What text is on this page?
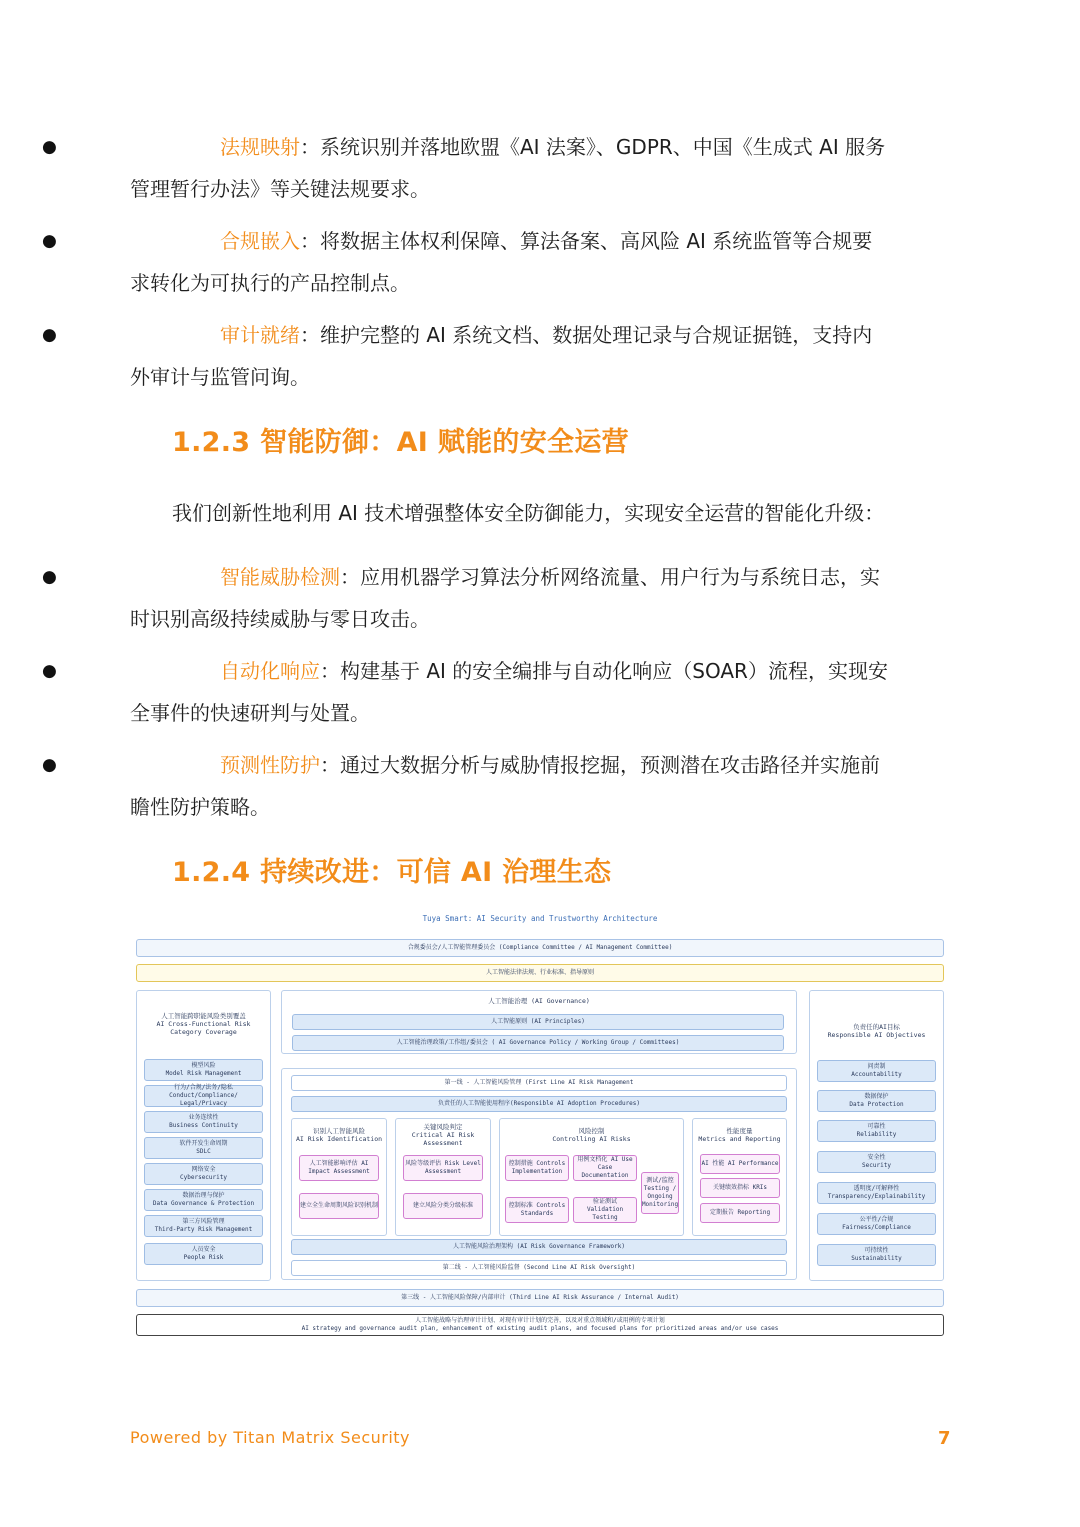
●	法规映射：系统识别并落地欧盟《AI 法案》、GDPR、中国《生成式 AI 服务
管理暂行办法》等关键法规要求。
●	合规嵌入：将数据主体权利保障、算法备案、高风险 AI 系统监管等合规要
求转化为可执行的产品控制点。
●	审计就绪：维护完整的 AI 系统文档、数据处理记录与合规证据链，支持内
外审计与监管问询。
1.2.3 智能防御：AI 赋能的安全运营
我们创新性地利用 AI 技术增强整体安全防御能力，实现安全运营的智能化升级：
●	智能威胁检测：应用机器学习算法分析网络流量、用户行为与系统日志，实
时识别高级持续威胁与零日攻击。
●	自动化响应：构建基于 AI 的安全编排与自动化响应（SOAR）流程，实现安
全事件的快速研判与处置。
●	预测性防护：通过大数据分析与威胁情报挖掘，预测潜在攻击路径并实施前
瞻性防护策略。
1.2.4 持续改进：可信 AI 治理生态
Tuya Smart: AI Security and Trustworthy Architecture
合规委员会/人工智能管理委员会 (Compliance Committee / AI Management Committee)
人工智能法律法规、行业标准、指导原则
人工智能跨职能风险类别覆盖
AI Cross-Functional Risk
Category Coverage
模型风险
Model Risk Management
行为/合规/法务/隐私
Conduct/Compliance/ Legal/Privacy
业务连续性
Business Continuity
软件开发生命周期
SDLC
网络安全
Cybersecurity
数据治理与保护
Data Governance & Protection
第三方风险管理
Third-Party Risk Management
人员安全
People Risk
人工智能治理 (AI Governance)
人工智能原则 (AI Principles)
人工智能治理政策/工作组/委员会 ( AI Governance Policy / Working Group / Committees)
第一线 - 人工智能风险管理 (First Line AI Risk Management
负责任的人工智能使用程序(Responsible AI Adoption Procedures)
识别人工智能风险
AI Risk Identification
人工智能影响评估 AI Impact Assessment
建立全生命周期风险识别机制
关键风险判定
Critical AI Risk
Assessment
风险等级评估 Risk Level Assessment
建立风险分类分级标准
风险控制
Controlling AI Risks
控制措施 Controls Implementation
用例文档化 AI Use Case Documentation
控制标准 Controls Standards
验证测试 Validation Testing
测试/监控 Testing / Ongoing Monitoring
性能度量
Metrics and Reporting
AI 性能 AI Performance
关键绩效指标 KRIs
定期报告 Reporting
人工智能风险治理架构 (AI Risk Governance Framework)
第二线 - 人工智能风险监督 (Second Line AI Risk Oversight)
负责任的AI目标
Responsible AI Objectives
问责制
Accountability
数据保护
Data Protection
可靠性
Reliability
安全性
Security
透明度/可解释性
Transparency/Explainability
公平性/合规
Fairness/Compliance
可持续性
Sustainability
第三线 - 人工智能风险保障/内部审计 (Third Line AI Risk Assurance / Internal Audit)
人工智能战略与治理审计计划、对现有审计计划的完善，以及对重点领域和/或用例的专项计划
AI strategy and governance audit plan, enhancement of existing audit plans, and focused plans for prioritized areas and/or use cases
Powered by Titan Matrix Security	7
